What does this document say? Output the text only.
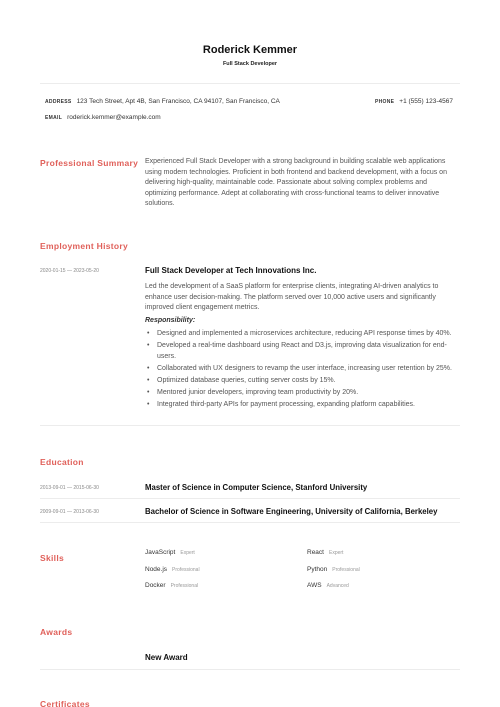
Roderick Kemmer
Full Stack Developer
ADDRESS 123 Tech Street, Apt 4B, San Francisco, CA 94107, San Francisco, CA	PHONE +1 (555) 123-4567
EMAIL roderick.kemmer@example.com
Professional Summary Experienced Full Stack Developer with a strong background in building scalable web applications using modern technologies. Proficient in both frontend and backend development, with a focus on delivering high-quality, maintainable code. Passionate about solving complex problems and optimizing performance. Adept at collaborating with cross-functional teams to deliver innovative solutions.
Employment History
2020-01-15 — 2023-05-20	Full Stack Developer at Tech Innovations Inc.
Led the development of a SaaS platform for enterprise clients, integrating AI-driven analytics to enhance user decision-making. The platform served over 10,000 active users and significantly improved client engagement metrics.
Responsibility:
• Designed and implemented a microservices architecture, reducing API response times by 40%.
• Developed a real-time dashboard using React and D3.js, improving data visualization for end-users.
• Collaborated with UX designers to revamp the user interface, increasing user retention by 25%.
• Optimized database queries, cutting server costs by 15%.
• Mentored junior developers, improving team productivity by 20%.
• Integrated third-party APIs for payment processing, expanding platform capabilities.
Education
2013-09-01 — 2015-06-30	Master of Science in Computer Science, Stanford University
2009-09-01 — 2013-06-30	Bachelor of Science in Software Engineering, University of California, Berkeley
Skills
JavaScript Expert	React Expert
Node.js Professional	Python Professional
Docker Professional	AWS Advanced
Awards
New Award
Certificates
